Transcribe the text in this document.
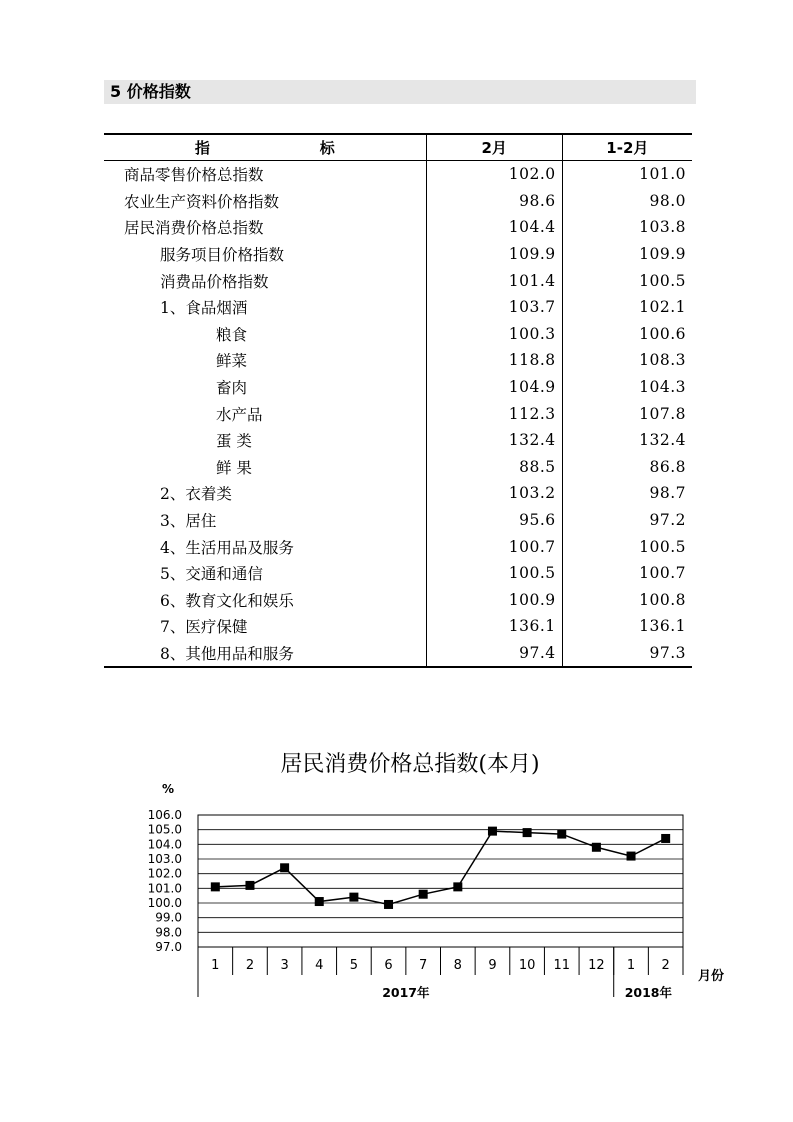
5 价格指数
指 标	2月	1-2月
商品零售价格总指数	102.0	101.0
农业生产资料价格指数	98.6	98.0
居民消费价格总指数	104.4	103.8
服务项目价格指数	109.9	109.9
消费品价格指数	101.4	100.5
1、食品烟酒	103.7	102.1
粮食	100.3	100.6
鲜菜	118.8	108.3
畜肉	104.9	104.3
水产品	112.3	107.8
蛋 类	132.4	132.4
鲜 果	88.5	86.8
2、衣着类	103.2	98.7
3、居住	95.6	97.2
4、生活用品及服务	100.7	100.5
5、交通和通信	100.5	100.7
6、教育文化和娱乐	100.9	100.8
7、医疗保健	136.1	136.1
8、其他用品和服务	97.4	97.3
居民消费价格总指数(本月)
97.0
98.0
99.0
100.0
101.0
102.0
103.0
104.0
105.0
106.0
2017年	2018年
1 2 3 4 5 6 7 8 9 10 11 12 1 2
%
月份
